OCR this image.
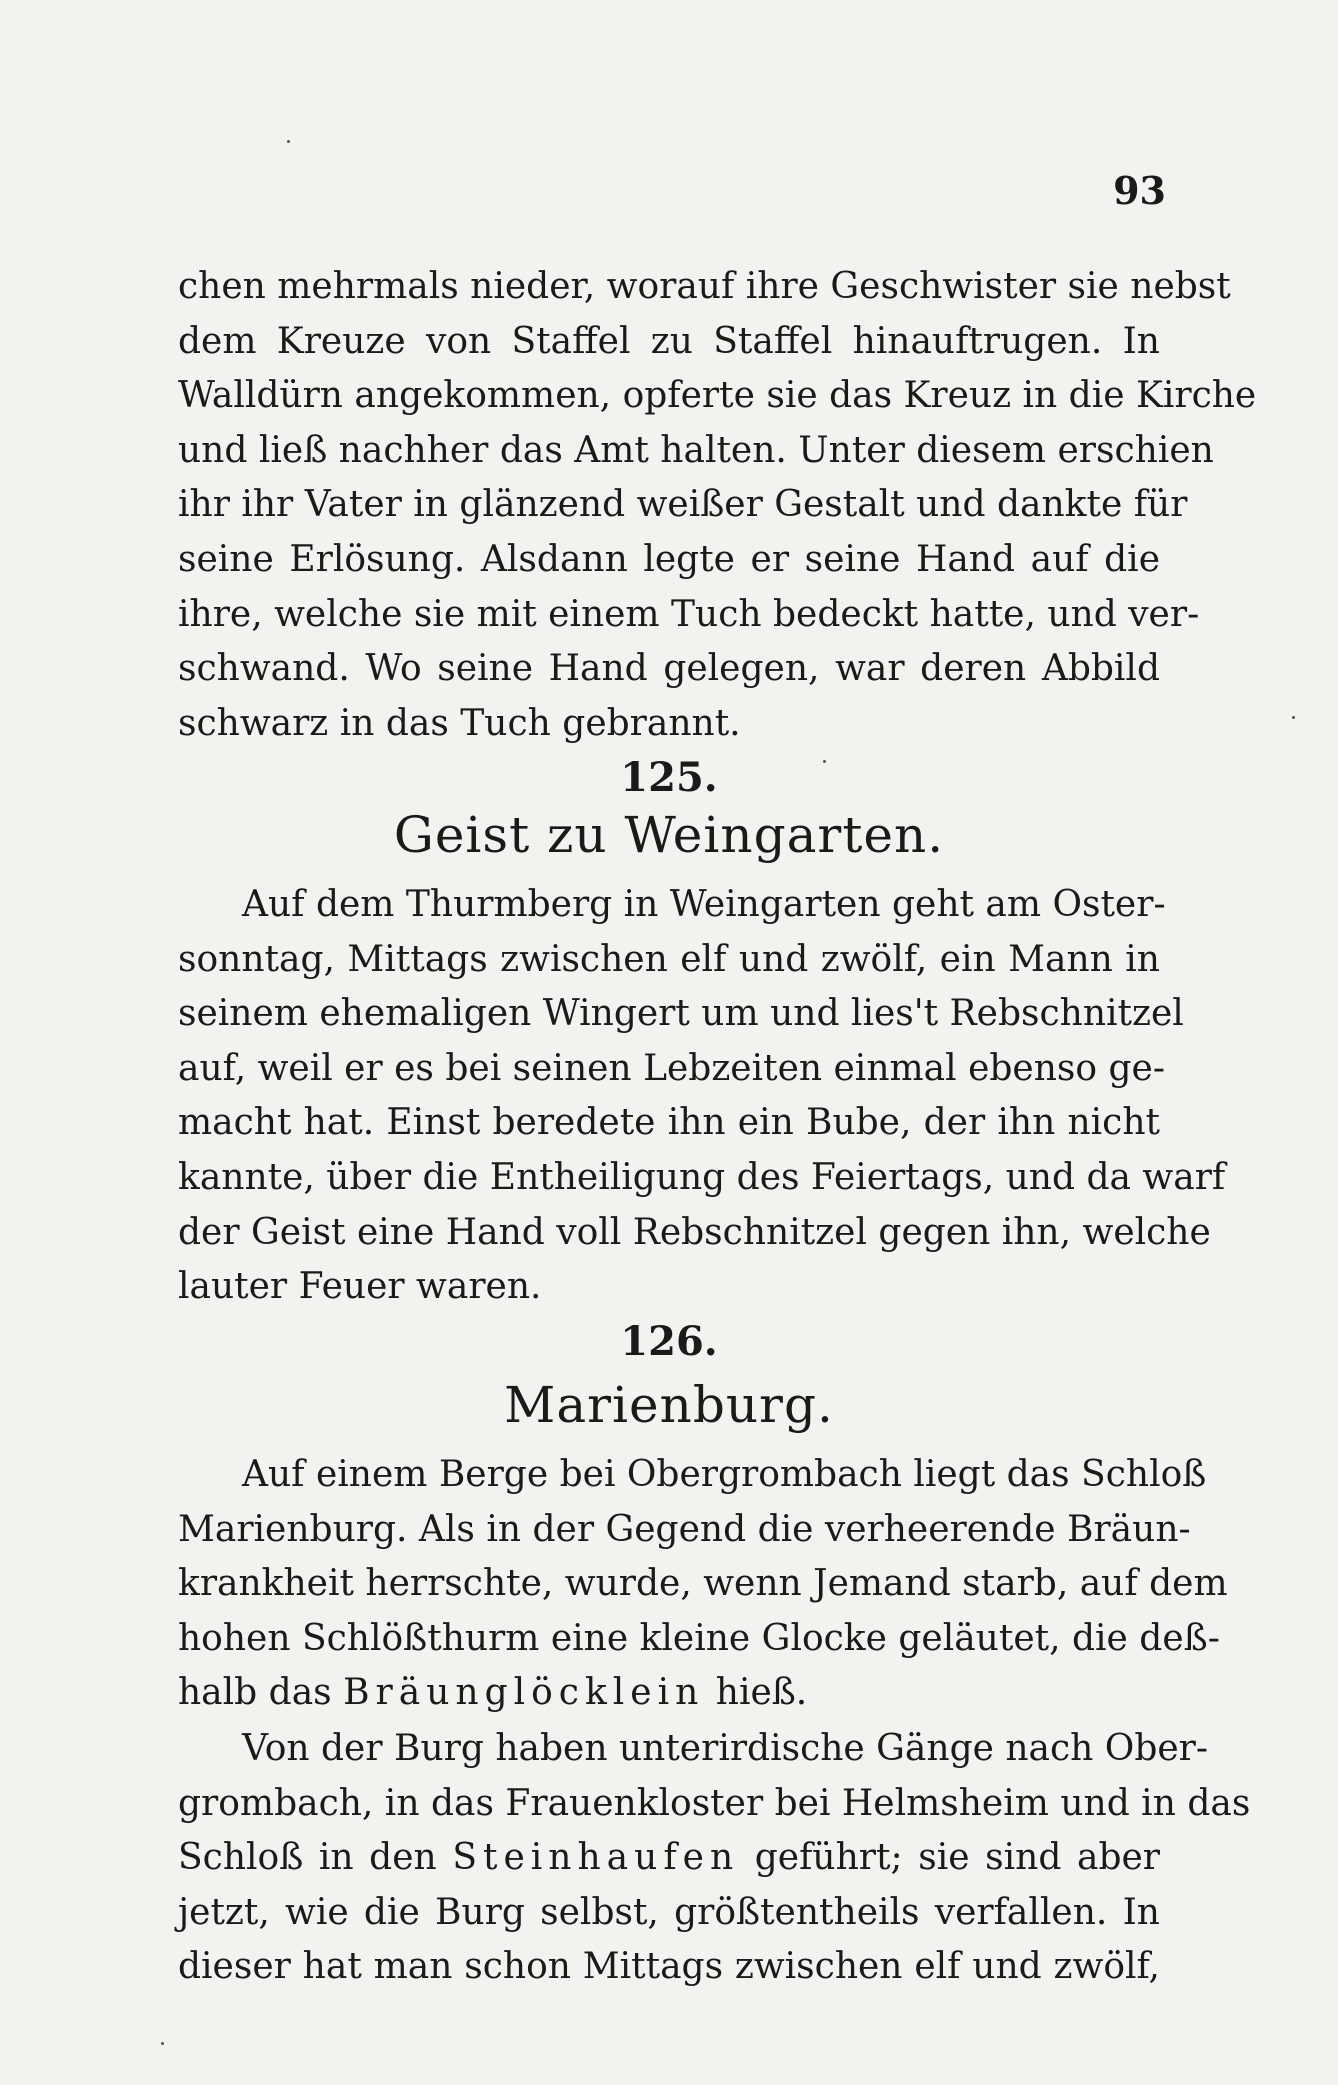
93
chen mehrmals nieder, worauf ihre Geschwister sie nebst
dem Kreuze von Staffel zu Staffel hinauftrugen. In
Walldürn angekommen, opferte sie das Kreuz in die Kirche
und ließ nachher das Amt halten. Unter diesem erschien
ihr ihr Vater in glänzend weißer Gestalt und dankte für
seine Erlösung. Alsdann legte er seine Hand auf die
ihre, welche sie mit einem Tuch bedeckt hatte, und ver-
schwand. Wo seine Hand gelegen, war deren Abbild
schwarz in das Tuch gebrannt.
125.
Geist zu Weingarten.
Auf dem Thurmberg in Weingarten geht am Oster-
sonntag, Mittags zwischen elf und zwölf, ein Mann in
seinem ehemaligen Wingert um und lies't Rebschnitzel
auf, weil er es bei seinen Lebzeiten einmal ebenso ge-
macht hat. Einst beredete ihn ein Bube, der ihn nicht
kannte, über die Entheiligung des Feiertags, und da warf
der Geist eine Hand voll Rebschnitzel gegen ihn, welche
lauter Feuer waren.
126.
Marienburg.
Auf einem Berge bei Obergrombach liegt das Schloß
Marienburg. Als in der Gegend die verheerende Bräun-
krankheit herrschte, wurde, wenn Jemand starb, auf dem
hohen Schlößthurm eine kleine Glocke geläutet, die deß-
halb das Bräunglöcklein hieß.
Von der Burg haben unterirdische Gänge nach Ober-
grombach, in das Frauenkloster bei Helmsheim und in das
Schloß in den Steinhaufen geführt; sie sind aber
jetzt, wie die Burg selbst, größtentheils verfallen. In
dieser hat man schon Mittags zwischen elf und zwölf,
